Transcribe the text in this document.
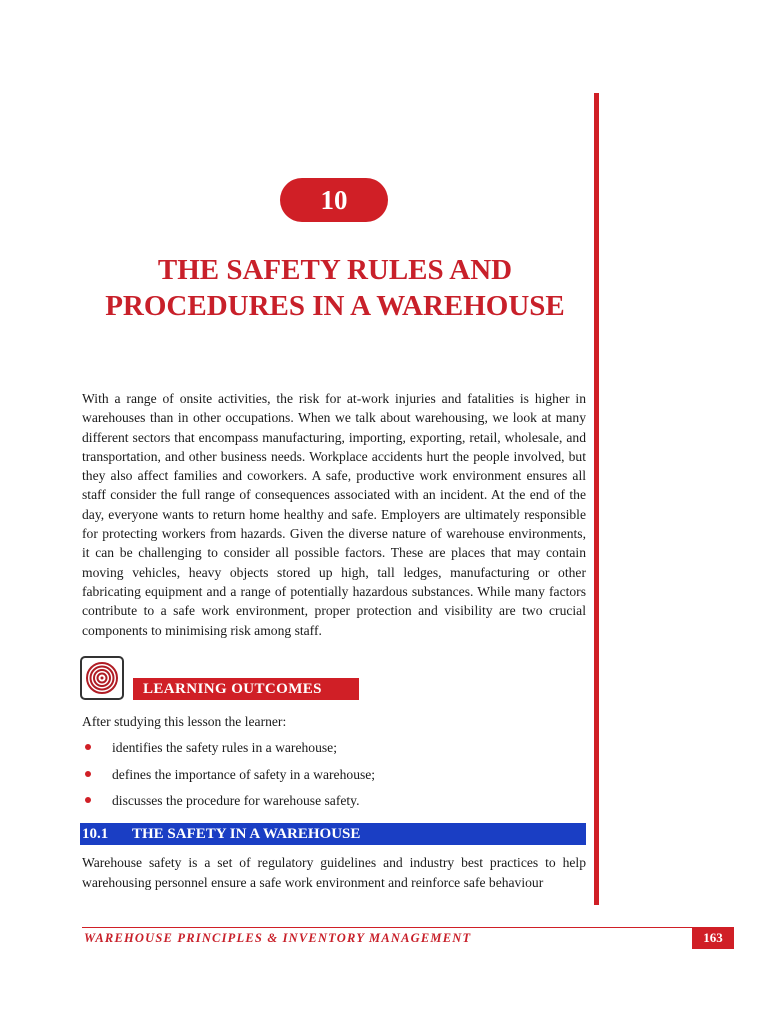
10
THE SAFETY RULES AND
PROCEDURES IN A WAREHOUSE

With a range of onsite activities, the risk for at-work injuries and fatalities is higher in warehouses than in other occupations. When we talk about warehousing, we look at many different sectors that encompass manufacturing, importing, exporting, retail, wholesale, and transportation, and other business needs. Workplace accidents hurt the people involved, but they also affect families and coworkers. A safe, productive work environment ensures all staff consider the full range of consequences associated with an incident. At the end of the day, everyone wants to return home healthy and safe. Employers are ultimately responsible for protecting workers from hazards. Given the diverse nature of warehouse environments, it can be challenging to consider all possible factors. These are places that may contain moving vehicles, heavy objects stored up high, tall ledges, manufacturing or other fabricating equipment and a range of potentially hazardous substances. While many factors contribute to a safe work environment, proper protection and visibility are two crucial components to minimising risk among staff.

LEARNING OUTCOMES
After studying this lesson the learner:
identifies the safety rules in a warehouse;
defines the importance of safety in a warehouse;
discusses the procedure for warehouse safety.
10.1 THE SAFETY IN A WAREHOUSE

Warehouse safety is a set of regulatory guidelines and industry best practices to help warehousing personnel ensure a safe work environment and reinforce safe behaviour

WAREHOUSE PRINCIPLES & INVENTORY MANAGEMENT	163
